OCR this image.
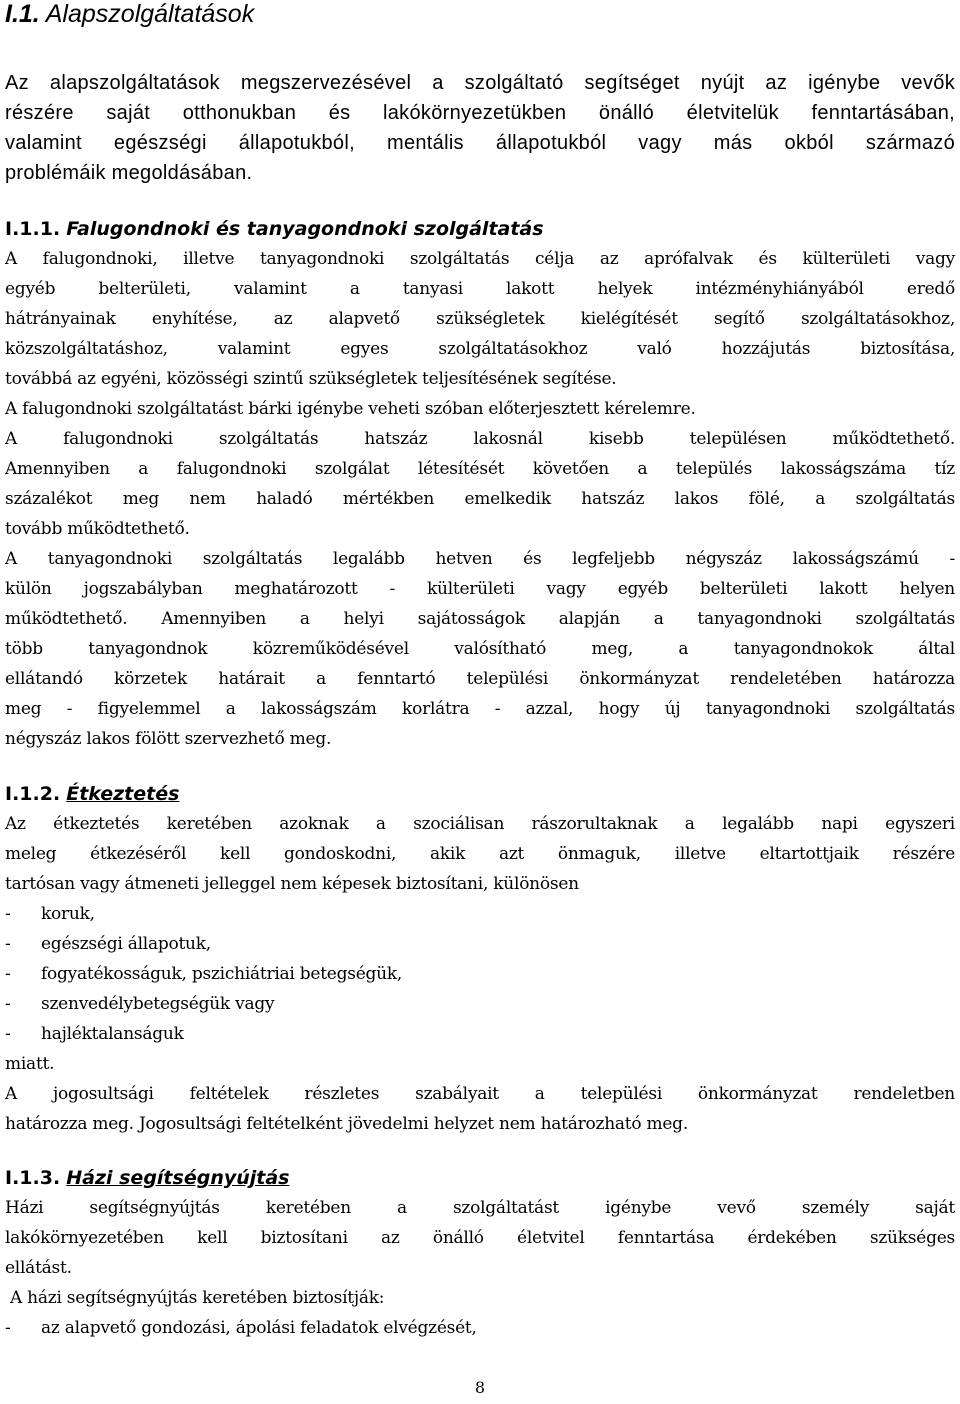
I.1. Alapszolgáltatások
Az alapszolgáltatások megszervezésével a szolgáltató segítséget nyújt az igénybe vevők
részére saját otthonukban és lakókörnyezetükben önálló életvitelük fenntartásában,
valamint egészségi állapotukból, mentális állapotukból vagy más okból származó
problémáik megoldásában.
I.1.1. Falugondnoki és tanyagondnoki szolgáltatás
A falugondnoki, illetve tanyagondnoki szolgáltatás célja az aprófalvak és külterületi vagy
egyéb belterületi, valamint a tanyasi lakott helyek intézményhiányából eredő
hátrányainak enyhítése, az alapvető szükségletek kielégítését segítő szolgáltatásokhoz,
közszolgáltatáshoz, valamint egyes szolgáltatásokhoz való hozzájutás biztosítása,
továbbá az egyéni, közösségi szintű szükségletek teljesítésének segítése.
A falugondnoki szolgáltatást bárki igénybe veheti szóban előterjesztett kérelemre.
A falugondnoki szolgáltatás hatszáz lakosnál kisebb településen működtethető.
Amennyiben a falugondnoki szolgálat létesítését követően a település lakosságszáma tíz
százalékot meg nem haladó mértékben emelkedik hatszáz lakos fölé, a szolgáltatás
tovább működtethető.
A tanyagondnoki szolgáltatás legalább hetven és legfeljebb négyszáz lakosságszámú -
külön jogszabályban meghatározott - külterületi vagy egyéb belterületi lakott helyen
működtethető. Amennyiben a helyi sajátosságok alapján a tanyagondnoki szolgáltatás
több tanyagondnok közreműködésével valósítható meg, a tanyagondnokok által
ellátandó körzetek határait a fenntartó települési önkormányzat rendeletében határozza
meg - figyelemmel a lakosságszám korlátra - azzal, hogy új tanyagondnoki szolgáltatás
négyszáz lakos fölött szervezhető meg.
I.1.2. Étkeztetés
Az étkeztetés keretében azoknak a szociálisan rászorultaknak a legalább napi egyszeri
meleg étkezéséről kell gondoskodni, akik azt önmaguk, illetve eltartottjaik részére
tartósan vagy átmeneti jelleggel nem képesek biztosítani, különösen
- koruk,
- egészségi állapotuk,
- fogyatékosságuk, pszichiátriai betegségük,
- szenvedélybetegségük vagy
- hajléktalanságuk
miatt.
A jogosultsági feltételek részletes szabályait a települési önkormányzat rendeletben
határozza meg. Jogosultsági feltételként jövedelmi helyzet nem határozható meg.
I.1.3. Házi segítségnyújtás
Házi segítségnyújtás keretében a szolgáltatást igénybe vevő személy saját
lakókörnyezetében kell biztosítani az önálló életvitel fenntartása érdekében szükséges
ellátást.
A házi segítségnyújtás keretében biztosítják:
- az alapvető gondozási, ápolási feladatok elvégzését,
8
